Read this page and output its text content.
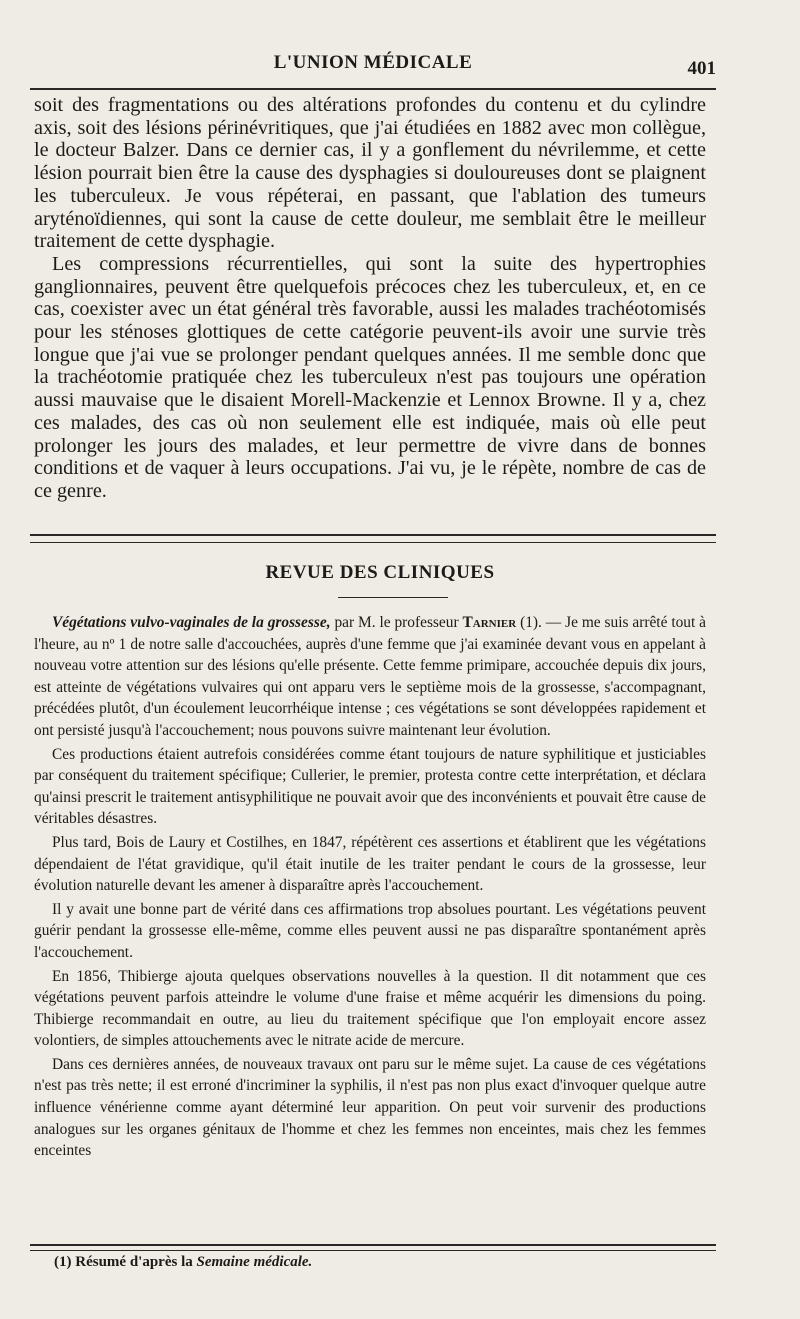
L'UNION MÉDICALE	401

soit des fragmentations ou des altérations profondes du contenu et du cylindre axis, soit des lésions périnévritiques, que j'ai étudiées en 1882 avec mon collègue, le docteur Balzer. Dans ce dernier cas, il y a gonflement du névrilemme, et cette lésion pourrait bien être la cause des dysphagies si douloureuses dont se plaignent les tuberculeux. Je vous répéterai, en passant, que l'ablation des tumeurs aryténoïdiennes, qui sont la cause de cette douleur, me semblait être le meilleur traitement de cette dysphagie.

Les compressions récurrentielles, qui sont la suite des hypertrophies ganglionnaires, peuvent être quelquefois précoces chez les tuberculeux, et, en ce cas, coexister avec un état général très favorable, aussi les malades trachéotomisés pour les sténoses glottiques de cette catégorie peuvent-ils avoir une survie très longue que j'ai vue se prolonger pendant quelques années. Il me semble donc que la trachéotomie pratiquée chez les tuberculeux n'est pas toujours une opération aussi mauvaise que le disaient Morell-Mackenzie et Lennox Browne. Il y a, chez ces malades, des cas où non seulement elle est indiquée, mais où elle peut prolonger les jours des malades, et leur permettre de vivre dans de bonnes conditions et de vaquer à leurs occupations. J'ai vu, je le répète, nombre de cas de ce genre.

REVUE DES CLINIQUES

Végétations vulvo-vaginales de la grossesse, par M. le professeur Tarnier (1). — Je me suis arrêté tout à l'heure, au nº 1 de notre salle d'accouchées, auprès d'une femme que j'ai examinée devant vous en appelant à nouveau votre attention sur des lésions qu'elle présente. Cette femme primipare, accouchée depuis dix jours, est atteinte de végétations vulvaires qui ont apparu vers le septième mois de la grossesse, s'accompagnant, précédées plutôt, d'un écoulement leucorrhéique intense ; ces végétations se sont développées rapidement et ont persisté jusqu'à l'accouchement; nous pouvons suivre maintenant leur évolution.

Ces productions étaient autrefois considérées comme étant toujours de nature syphilitique et justiciables par conséquent du traitement spécifique; Cullerier, le premier, protesta contre cette interprétation, et déclara qu'ainsi prescrit le traitement antisyphilitique ne pouvait avoir que des inconvénients et pouvait être cause de véritables désastres.

Plus tard, Bois de Laury et Costilhes, en 1847, répétèrent ces assertions et établirent que les végétations dépendaient de l'état gravidique, qu'il était inutile de les traiter pendant le cours de la grossesse, leur évolution naturelle devant les amener à disparaître après l'accouchement.

Il y avait une bonne part de vérité dans ces affirmations trop absolues pourtant. Les végétations peuvent guérir pendant la grossesse elle-même, comme elles peuvent aussi ne pas disparaître spontanément après l'accouchement.

En 1856, Thibierge ajouta quelques observations nouvelles à la question. Il dit notamment que ces végétations peuvent parfois atteindre le volume d'une fraise et même acquérir les dimensions du poing. Thibierge recommandait en outre, au lieu du traitement spécifique que l'on employait encore assez volontiers, de simples attouchements avec le nitrate acide de mercure.

Dans ces dernières années, de nouveaux travaux ont paru sur le même sujet. La cause de ces végétations n'est pas très nette; il est erroné d'incriminer la syphilis, il n'est pas non plus exact d'invoquer quelque autre influence vénérienne comme ayant déterminé leur apparition. On peut voir survenir des productions analogues sur les organes génitaux de l'homme et chez les femmes non enceintes, mais chez les femmes enceintes

(1) Résumé d'après la Semaine médicale.
